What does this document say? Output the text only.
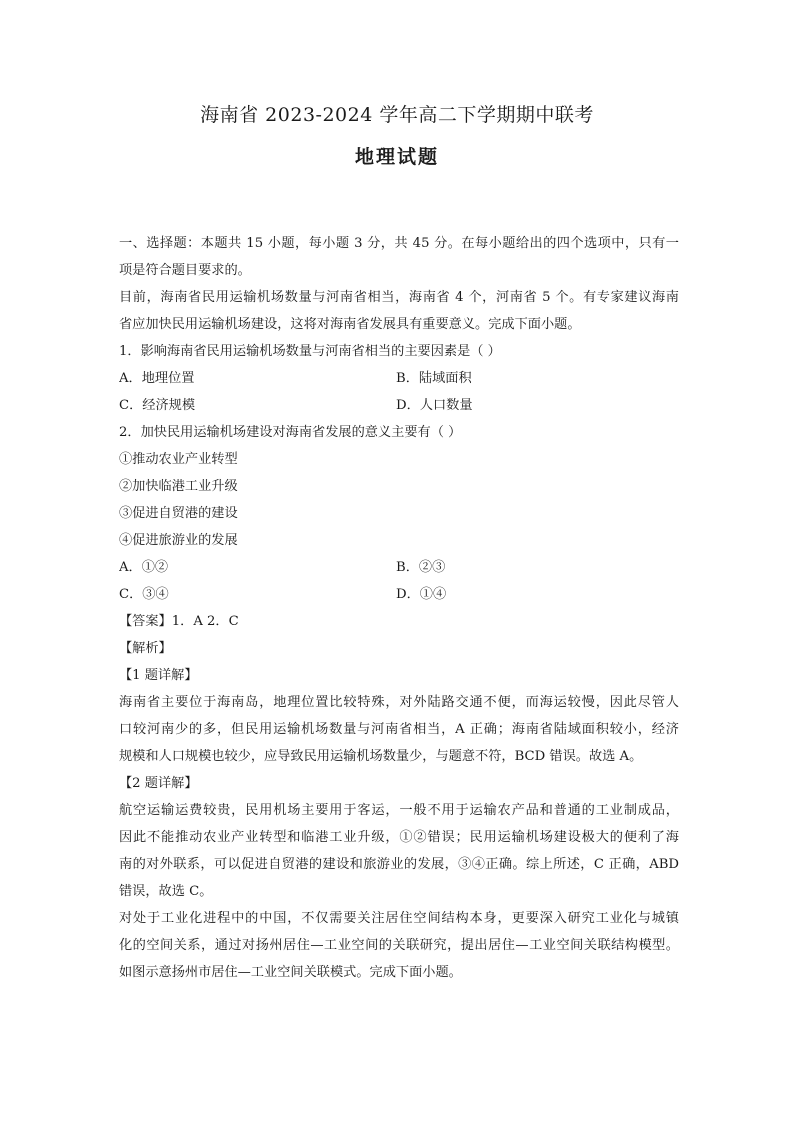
海南省 2023-2024 学年高二下学期期中联考
地理试题
一、选择题：本题共 15 小题，每小题 3 分，共 45 分。在每小题给出的四个选项中，只有一
项是符合题目要求的。
目前，海南省民用运输机场数量与河南省相当，海南省 4 个，河南省 5 个。有专家建议海南
省应加快民用运输机场建设，这将对海南省发展具有重要意义。完成下面小题。
1．影响海南省民用运输机场数量与河南省相当的主要因素是（ ）
A．地理位置	B．陆域面积
C．经济规模	D．人口数量
2．加快民用运输机场建设对海南省发展的意义主要有（ ）
①推动农业产业转型
②加快临港工业升级
③促进自贸港的建设
④促进旅游业的发展
A．①②	B．②③
C．③④	D．①④
【答案】1．A 2．C
【解析】
【1 题详解】
海南省主要位于海南岛，地理位置比较特殊，对外陆路交通不便，而海运较慢，因此尽管人
口较河南少的多，但民用运输机场数量与河南省相当，A 正确；海南省陆域面积较小，经济
规模和人口规模也较少，应导致民用运输机场数量少，与题意不符，BCD 错误。故选 A。
【2 题详解】
航空运输运费较贵，民用机场主要用于客运，一般不用于运输农产品和普通的工业制成品，
因此不能推动农业产业转型和临港工业升级，①②错误；民用运输机场建设极大的便利了海
南的对外联系，可以促进自贸港的建设和旅游业的发展，③④正确。综上所述，C 正确，ABD
错误，故选 C。
对处于工业化进程中的中国，不仅需要关注居住空间结构本身，更要深入研究工业化与城镇
化的空间关系，通过对扬州居住—工业空间的关联研究，提出居住—工业空间关联结构模型。
如图示意扬州市居住—工业空间关联模式。完成下面小题。
